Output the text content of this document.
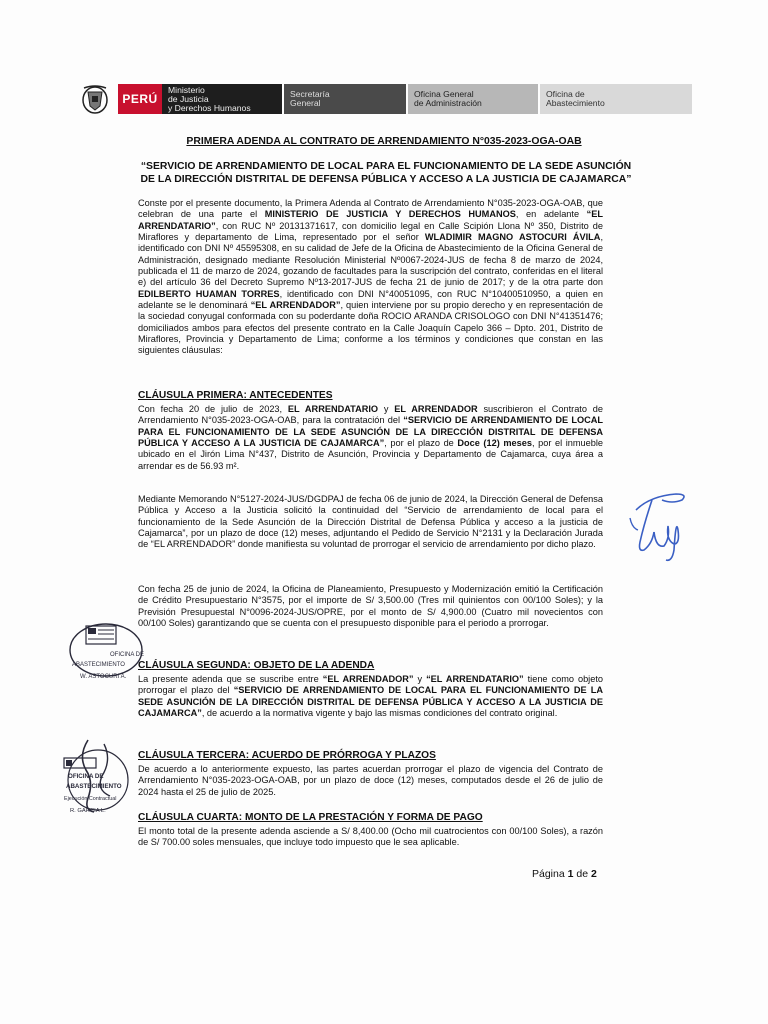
PERÚ
Ministerio
de Justicia
y Derechos Humanos
Secretaría
General
Oficina General
de Administración
Oficina de
Abastecimiento
PRIMERA ADENDA AL CONTRATO DE ARRENDAMIENTO N°035-2023-OGA-OAB
“SERVICIO DE ARRENDAMIENTO DE LOCAL PARA EL FUNCIONAMIENTO DE LA SEDE ASUNCIÓN DE LA DIRECCIÓN DISTRITAL DE DEFENSA PÚBLICA Y ACCESO A LA JUSTICIA DE CAJAMARCA”

Conste por el presente documento, la Primera Adenda al Contrato de Arrendamiento N°035-2023-OGA-OAB, que celebran de una parte el MINISTERIO DE JUSTICIA Y DERECHOS HUMANOS, en adelante “EL ARRENDATARIO”, con RUC Nº 20131371617, con domicilio legal en Calle Scipión Llona Nº 350, Distrito de Miraflores y departamento de Lima, representado por el señor WLADIMIR MAGNO ASTOCURI ÁVILA, identificado con DNI Nº 45595308, en su calidad de Jefe de la Oficina de Abastecimiento de la Oficina General de Administración, designado mediante Resolución Ministerial Nº0067-2024-JUS de fecha 8 de marzo de 2024, publicada el 11 de marzo de 2024, gozando de facultades para la suscripción del contrato, conferidas en el literal e) del artículo 36 del Decreto Supremo Nº13-2017-JUS de fecha 21 de junio de 2017; y de la otra parte don EDILBERTO HUAMAN TORRES, identificado con DNI N°40051095, con RUC N°10400510950, a quien en adelante se le denominará “EL ARRENDADOR”, quien interviene por su propio derecho y en representación de la sociedad conyugal conformada con su poderdante doña ROCIO ARANDA CRISOLOGO con DNI N°41351476; domiciliados ambos para efectos del presente contrato en la Calle Joaquín Capelo 366 – Dpto. 201, Distrito de Miraflores, Provincia y Departamento de Lima; conforme a los términos y condiciones que constan en las siguientes cláusulas:

CLÁUSULA PRIMERA: ANTECEDENTES

Con fecha 20 de julio de 2023, EL ARRENDATARIO y EL ARRENDADOR suscribieron el Contrato de Arrendamiento N°035-2023-OGA-OAB, para la contratación del “SERVICIO DE ARRENDAMIENTO DE LOCAL PARA EL FUNCIONAMIENTO DE LA SEDE ASUNCIÓN DE LA DIRECCIÓN DISTRITAL DE DEFENSA PÚBLICA Y ACCESO A LA JUSTICIA DE CAJAMARCA”, por el plazo de Doce (12) meses, por el inmueble ubicado en el Jirón Lima N°437, Distrito de Asunción, Provincia y Departamento de Cajamarca, cuya área a arrendar es de 56.93 m².

Mediante Memorando N°5127-2024-JUS/DGDPAJ de fecha 06 de junio de 2024, la Dirección General de Defensa Pública y Acceso a la Justicia solicitó la continuidad del “Servicio de arrendamiento de local para el funcionamiento de la Sede Asunción de la Dirección Distrital de Defensa Pública y acceso a la justicia de Cajamarca”, por un plazo de doce (12) meses, adjuntando el Pedido de Servicio N°2131 y la Declaración Jurada de “EL ARRENDADOR” donde manifiesta su voluntad de prorrogar el servicio de arrendamiento por dicho plazo.

Con fecha 25 de junio de 2024, la Oficina de Planeamiento, Presupuesto y Modernización emitió la Certificación de Crédito Presupuestario N°3575, por el importe de S/ 3,500.00 (Tres mil quinientos con 00/100 Soles); y la Previsión Presupuestal N°0096-2024-JUS/OPRE, por el monto de S/ 4,900.00 (Cuatro mil novecientos con 00/100 Soles) garantizando que se cuenta con el presupuesto disponible para el periodo a prorrogar.

CLÁUSULA SEGUNDA: OBJETO DE LA ADENDA

La presente adenda que se suscribe entre “EL ARRENDADOR” y “EL ARRENDATARIO” tiene como objeto prorrogar el plazo del “SERVICIO DE ARRENDAMIENTO DE LOCAL PARA EL FUNCIONAMIENTO DE LA SEDE ASUNCIÓN DE LA DIRECCIÓN DISTRITAL DE DEFENSA PÚBLICA Y ACCESO A LA JUSTICIA DE CAJAMARCA”, de acuerdo a la normativa vigente y bajo las mismas condiciones del contrato original.

CLÁUSULA TERCERA: ACUERDO DE PRÓRROGA Y PLAZOS

De acuerdo a lo anteriormente expuesto, las partes acuerdan prorrogar el plazo de vigencia del Contrato de Arrendamiento N°035-2023-OGA-OAB, por un plazo de doce (12) meses, computados desde el 26 de julio de 2024 hasta el 25 de julio de 2025.

CLÁUSULA CUARTA: MONTO DE LA PRESTACIÓN Y FORMA DE PAGO

El monto total de la presente adenda asciende a S/ 8,400.00 (Ocho mil cuatrocientos con 00/100 Soles), a razón de S/ 700.00 soles mensuales, que incluye todo impuesto que le sea aplicable.

Página 1 de 2
OFICINA DE
ABASTECIMIENTO
W. ASTOCURI A.
OFICINA DE
ABASTECIMIENTO
Ejecución Contractual
R. GARCIA L.
